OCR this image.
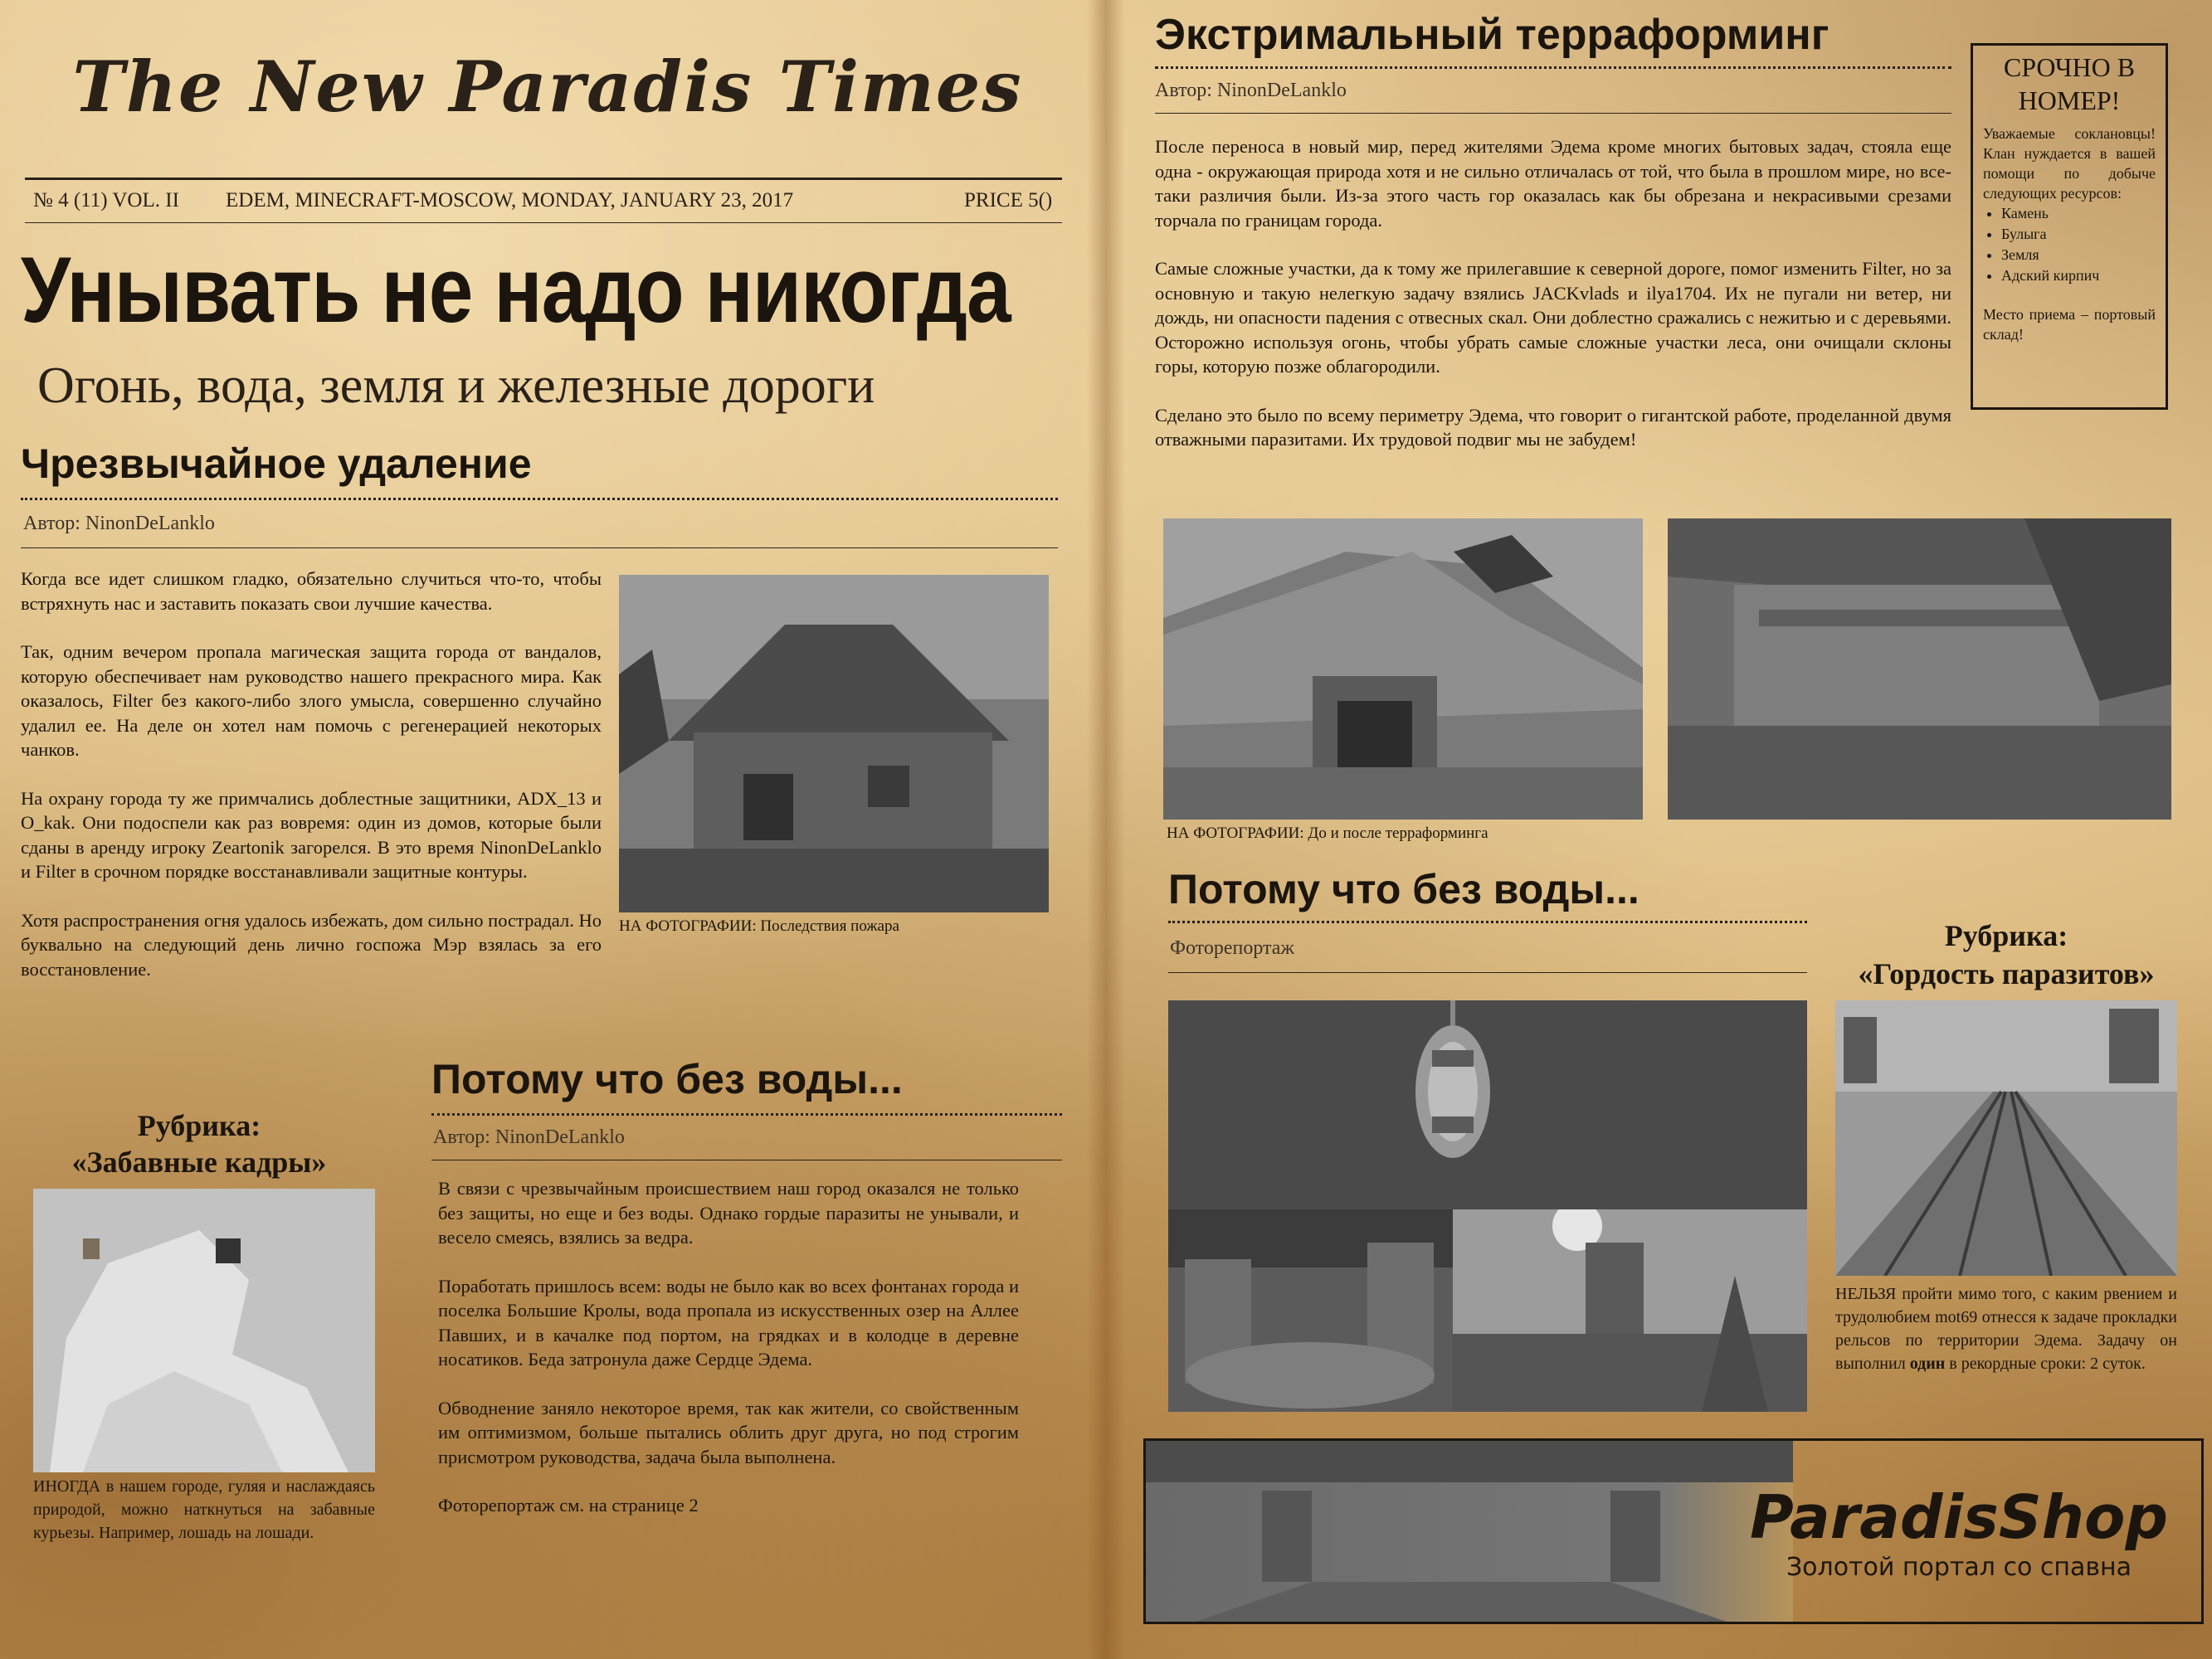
The New Paradis Times
№ 4 (11) VOL. II EDEM, MINECRAFT-MOSCOW, MONDAY, JANUARY 23, 2017	PRICE 5​()
Унывать не надо никогда
Огонь, вода, земля и железные дороги
Чрезвычайное удаление
Автор: NinonDeLanklo

Когда все идет слишком гладко, обязательно случиться что-то, чтобы встряхнуть нас и заставить показать свои лучшие качества.

Так, одним вечером пропала магическая защита города от вандалов, которую обеспечивает нам руководство нашего прекрасного мира. Как оказалось, Filter без какого-либо злого умысла, совершенно случайно удалил ее. На деле он хотел нам помочь с регенерацией некоторых чанков.

На охрану города ту же примчались доблестные защитники, ADX_13 и O_kak. Они подоспели как раз вовремя: один из домов, которые были сданы в аренду игроку Zeartonik загорелся. В это время NinonDeLanklo и Filter в срочном порядке восстанавливали защитные контуры.

Хотя распространения огня удалось избежать, дом сильно пострадал. Но буквально на следующий день лично госпожа Мэр взялась за его восстановление.

НА ФОТОГРАФИИ: Последствия пожара
Рубрика:
«Забавные кадры»
ИНОГДА в нашем городе, гуляя и наслаждаясь природой, можно наткнуться на забавные курьезы. Например, лошадь на лошади.
Потому что без воды...
Автор: NinonDeLanklo

В связи с чрезвычайным происшествием наш город оказался не только без защиты, но еще и без воды. Однако гордые паразиты не унывали, и весело смеясь, взялись за ведра.

Поработать пришлось всем: воды не было как во всех фонтанах города и поселка Большие Кролы, вода пропала из искусственных озер на Аллее Павших, и в качалке под портом, на грядках и в колодце в деревне носатиков. Беда затронула даже Сердце Эдема.

Обводнение заняло некоторое время, так как жители, со свойственным им оптимизмом, больше пытались облить друг друга, но под строгим присмотром руководства, задача была выполнена.

Фоторепортаж см. на странице 2

Экстримальный терраформинг
Автор: NinonDeLanklo

После переноса в новый мир, перед жителями Эдема кроме многих бытовых задач, стояла еще одна - окружающая природа хотя и не сильно отличалась от той, что была в прошлом мире, но все-таки различия были. Из-за этого часть гор оказалась как бы обрезана и некрасивыми срезами торчала по границам города.

Самые сложные участки, да к тому же прилегавшие к северной дороге, помог изменить Filter, но за основную и такую нелегкую задачу взялись JACKvlads и ilya1704. Их не пугали ни ветер, ни дождь, ни опасности падения с отвесных скал. Они доблестно сражались с нежитью и с деревьями. Осторожно используя огонь, чтобы убрать самые сложные участки леса, они очищали склоны горы, которую позже облагородили.

Сделано это было по всему периметру Эдема, что говорит о гигантской работе, проделанной двумя отважными паразитами. Их трудовой подвиг мы не забудем!

СРОЧНО В НОМЕР!
Уважаемые соклановцы! Клан нуждается в вашей помощи по добыче следующих ресурсов:
• Камень
• Булыга
• Земля
• Адский кирпич
Место приема – портовый склад!
НА ФОТОГРАФИИ: До и после терраформинга
Потому что без воды...
Фоторепортаж	Рубрика:
«Гордость паразитов»
НЕЛЬЗЯ пройти мимо того, с каким рвением и трудолюбием mot69 отнесся к задаче прокладки рельсов по территории Эдема. Задачу он выполнил один в рекордные сроки: 2 суток.
ParadisShop
Золотой портал со спавна
